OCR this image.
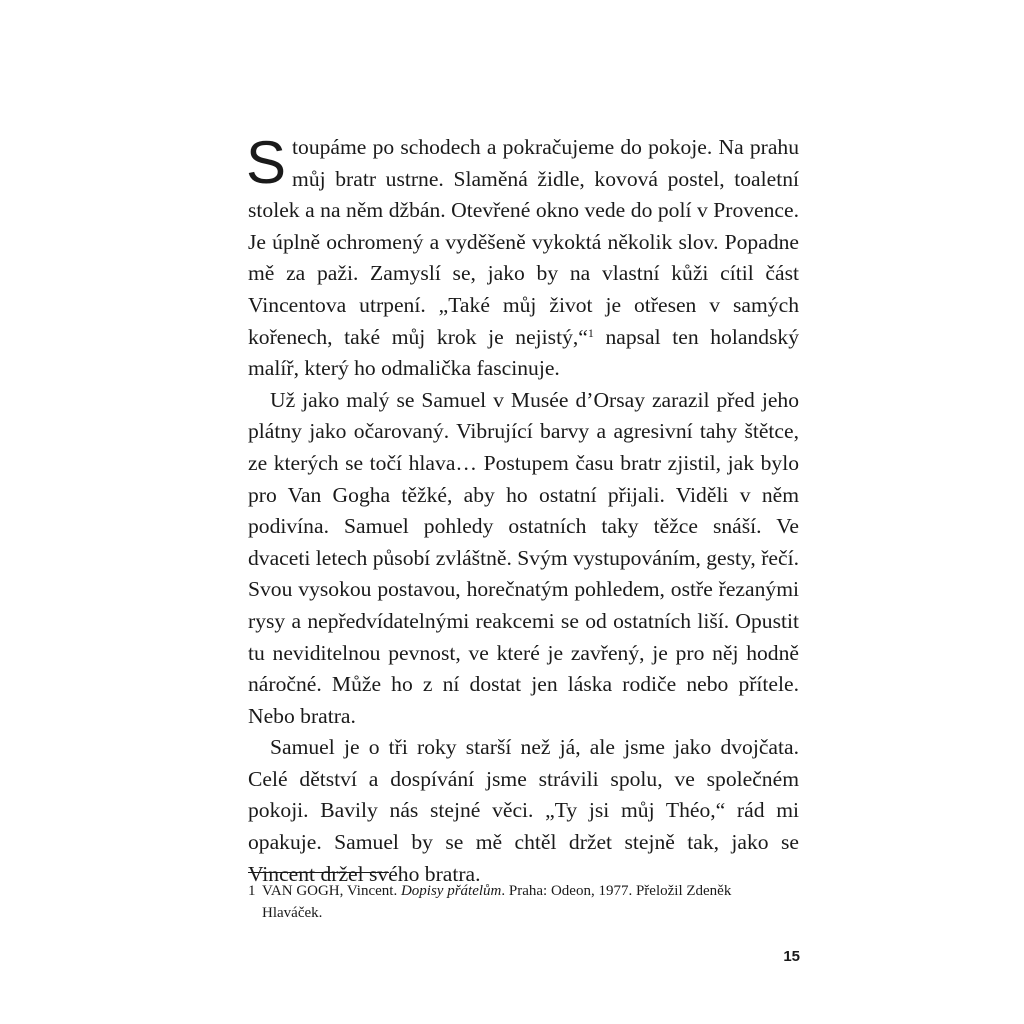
Stoupáme po schodech a pokračujeme do pokoje. Na prahu můj bratr ustrne. Slaměná židle, kovová postel, toaletní stolek a na něm džbán. Otevřené okno vede do polí v Provence. Je úplně ochromený a vyděšeně vykoktá několik slov. Popadne mě za paži. Zamyslí se, jako by na vlastní kůži cítil část Vincentova utrpení. „Také můj život je otřesen v samých kořenech, také můj krok je nejistý,“$^1$ napsal ten holandský malíř, který ho odmalička fascinuje.

Už jako malý se Samuel v Musée d’Orsay zarazil před jeho plátny jako očarovaný. Vibrující barvy a agresivní tahy štětce, ze kterých se točí hlava… Postupem času bratr zjistil, jak bylo pro Van Gogha těžké, aby ho ostatní přijali. Viděli v něm podivína. Samuel pohledy ostatních taky těžce snáší. Ve dvaceti letech působí zvláštně. Svým vystupováním, gesty, řečí. Svou vysokou postavou, horečnatým pohledem, ostře řezanými rysy a nepředvídatelnými reakcemi se od ostatních liší. Opustit tu neviditelnou pevnost, ve které je zavřený, je pro něj hodně náročné. Může ho z ní dostat jen láska rodiče nebo přítele. Nebo bratra.

Samuel je o tři roky starší než já, ale jsme jako dvojčata. Celé dětství a dospívání jsme strávili spolu, ve společném pokoji. Bavily nás stejné věci. „Ty jsi můj Théo,“ rád mi opakuje. Samuel by se mě chtěl držet stejně tak, jako se Vincent držel svého bratra.

1 VAN GOGH, Vincent. Dopisy přátelům. Praha: Odeon, 1977. Přeložil Zdeněk
Hlaváček.
15
